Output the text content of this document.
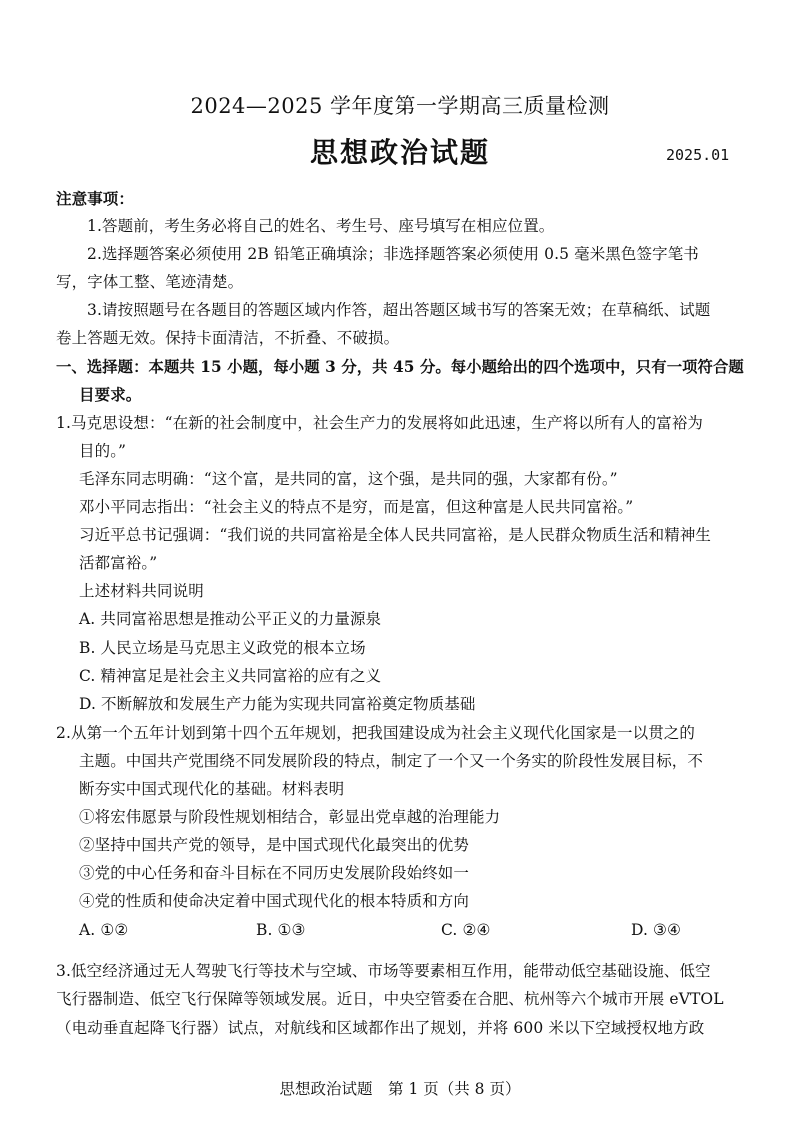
2024—2025 学年度第一学期高三质量检测
思想政治试题	2025.01
注意事项：
1.答题前，考生务必将自己的姓名、考生号、座号填写在相应位置。
2.选择题答案必须使用 2B 铅笔正确填涂；非选择题答案必须使用 0.5 毫米黑色签字笔书
写，字体工整、笔迹清楚。
3.请按照题号在各题目的答题区域内作答，超出答题区域书写的答案无效；在草稿纸、试题
卷上答题无效。保持卡面清洁，不折叠、不破损。
一、选择题：本题共 15 小题，每小题 3 分，共 45 分。每小题给出的四个选项中，只有一项符合题
目要求。
1.马克思设想：“在新的社会制度中，社会生产力的发展将如此迅速，生产将以所有人的富裕为
目的。”
毛泽东同志明确：“这个富，是共同的富，这个强，是共同的强，大家都有份。”
邓小平同志指出：“社会主义的特点不是穷，而是富，但这种富是人民共同富裕。”
习近平总书记强调：“我们说的共同富裕是全体人民共同富裕，是人民群众物质生活和精神生
活都富裕。”
上述材料共同说明
A. 共同富裕思想是推动公平正义的力量源泉
B. 人民立场是马克思主义政党的根本立场
C. 精神富足是社会主义共同富裕的应有之义
D. 不断解放和发展生产力能为实现共同富裕奠定物质基础
2.从第一个五年计划到第十四个五年规划，把我国建设成为社会主义现代化国家是一以贯之的
主题。中国共产党围绕不同发展阶段的特点，制定了一个又一个务实的阶段性发展目标，不
断夯实中国式现代化的基础。材料表明
①将宏伟愿景与阶段性规划相结合，彰显出党卓越的治理能力
②坚持中国共产党的领导，是中国式现代化最突出的优势
③党的中心任务和奋斗目标在不同历史发展阶段始终如一
④党的性质和使命决定着中国式现代化的根本特质和方向
A. ①②	B. ①③	C. ②④	D. ③④
3.低空经济通过无人驾驶飞行等技术与空域、市场等要素相互作用，能带动低空基础设施、低空
飞行器制造、低空飞行保障等领域发展。近日，中央空管委在合肥、杭州等六个城市开展 eVTOL
（电动垂直起降飞行器）试点，对航线和区域都作出了规划，并将 600 米以下空域授权地方政
思想政治试题　第 1 页（共 8 页）
